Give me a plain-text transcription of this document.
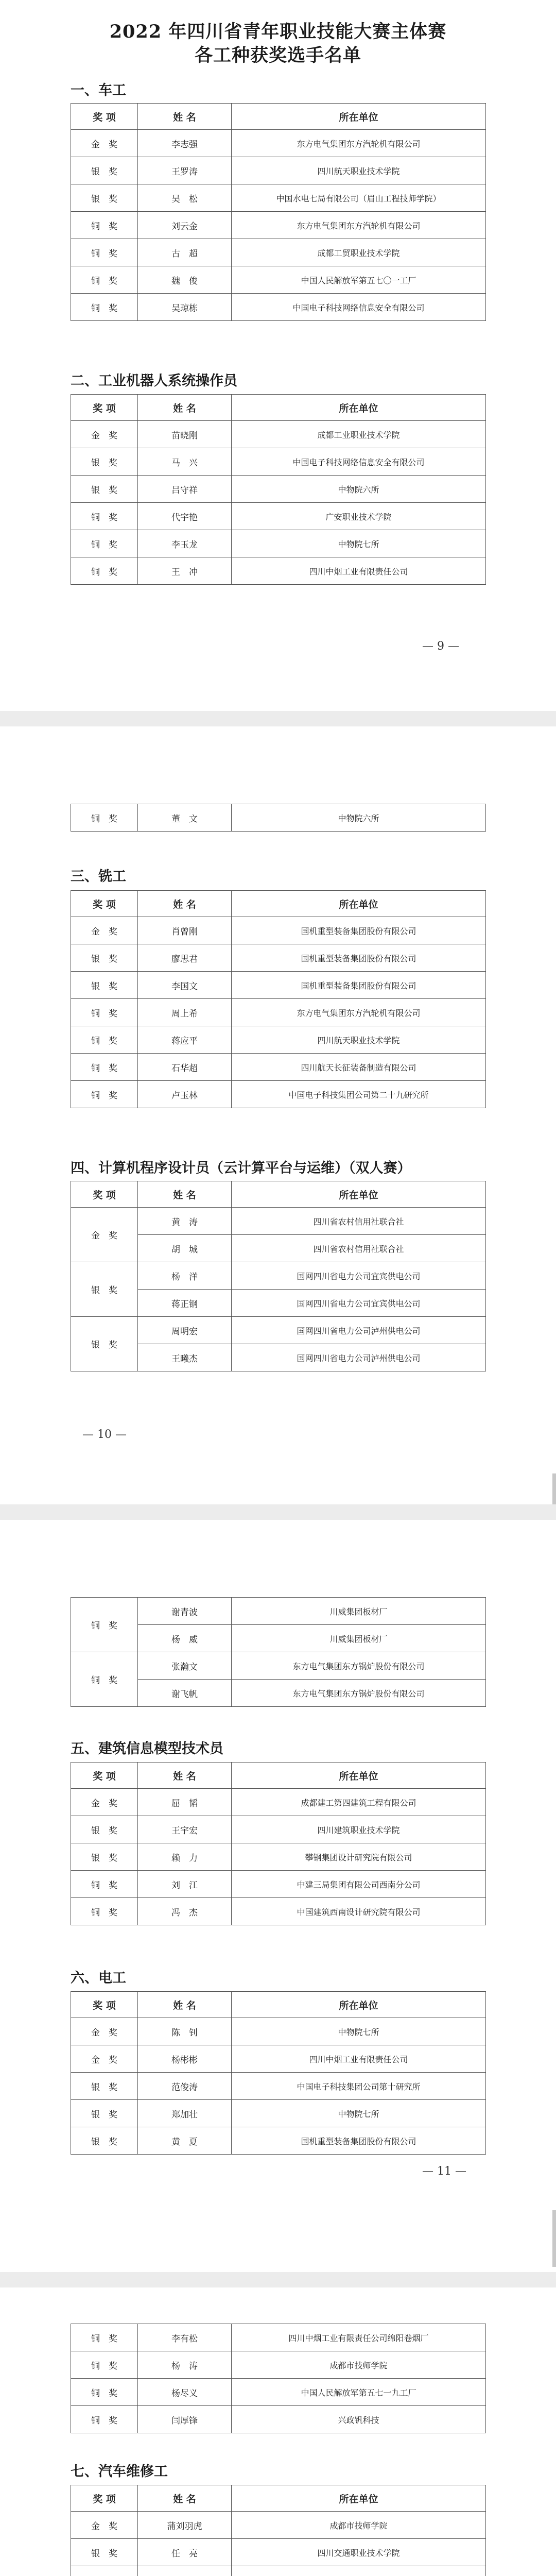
2022 年四川省青年职业技能大赛主体赛
各工种获奖选手名单
一、车工
奖 项	姓 名	所在单位
金　奖	李志强	东方电气集团东方汽轮机有限公司
银　奖	王罗涛	四川航天职业技术学院
银　奖	吴　松	中国水电七局有限公司（眉山工程技师学院）
铜　奖	刘云金	东方电气集团东方汽轮机有限公司
铜　奖	古　超	成都工贸职业技术学院
铜　奖	魏　俊	中国人民解放军第五七〇一工厂
铜　奖	吴琼栋	中国电子科技网络信息安全有限公司
二、工业机器人系统操作员
奖 项	姓 名	所在单位
金　奖	苗晓刚	成都工业职业技术学院
银　奖	马　兴	中国电子科技网络信息安全有限公司
银　奖	吕守祥	中物院六所
铜　奖	代宇艳	广安职业技术学院
铜　奖	李玉龙	中物院七所
铜　奖	王　冲	四川中烟工业有限责任公司
— 9 —
铜　奖	董　文	中物院六所
三、铣工
奖 项	姓 名	所在单位
金　奖	肖曾刚	国机重型装备集团股份有限公司
银　奖	廖思君	国机重型装备集团股份有限公司
银　奖	李国文	国机重型装备集团股份有限公司
铜　奖	周上希	东方电气集团东方汽轮机有限公司
铜　奖	蒋应平	四川航天职业技术学院
铜　奖	石华超	四川航天长征装备制造有限公司
铜　奖	卢玉林	中国电子科技集团公司第二十九研究所
四、计算机程序设计员（云计算平台与运维）（双人赛）
奖 项	姓 名	所在单位
金　奖	黄　涛	四川省农村信用社联合社
	胡　城	四川省农村信用社联合社
银　奖	杨　洋	国网四川省电力公司宜宾供电公司
	蒋正钢	国网四川省电力公司宜宾供电公司
银　奖	周明宏	国网四川省电力公司泸州供电公司
	王曦杰	国网四川省电力公司泸州供电公司
— 10 —
铜　奖	谢青波	川威集团板材厂
	杨　威	川威集团板材厂
铜　奖	张瀚文	东方电气集团东方锅炉股份有限公司
	谢飞帆	东方电气集团东方锅炉股份有限公司
五、建筑信息模型技术员
奖 项	姓 名	所在单位
金　奖	屈　韬	成都建工第四建筑工程有限公司
银　奖	王宇宏	四川建筑职业技术学院
银　奖	赖　力	攀钢集团设计研究院有限公司
铜　奖	刘　江	中建三局集团有限公司西南分公司
铜　奖	冯　杰	中国建筑西南设计研究院有限公司
六、电工
奖 项	姓 名	所在单位
金　奖	陈　钊	中物院七所
金　奖	杨彬彬	四川中烟工业有限责任公司
银　奖	范俊涛	中国电子科技集团公司第十研究所
银　奖	郑加壮	中物院七所
银　奖	黄　夏	国机重型装备集团股份有限公司
— 11 —
铜　奖	李有松	四川中烟工业有限责任公司绵阳卷烟厂
铜　奖	杨　涛	成都市技师学院
铜　奖	杨尽义	中国人民解放军第五七一九工厂
铜　奖	闫厚锋	兴政钒科技
七、汽车维修工
奖 项	姓 名	所在单位
金　奖	蒲刘羽虎	成都市技师学院
银　奖	任　亮	四川交通职业技术学院
